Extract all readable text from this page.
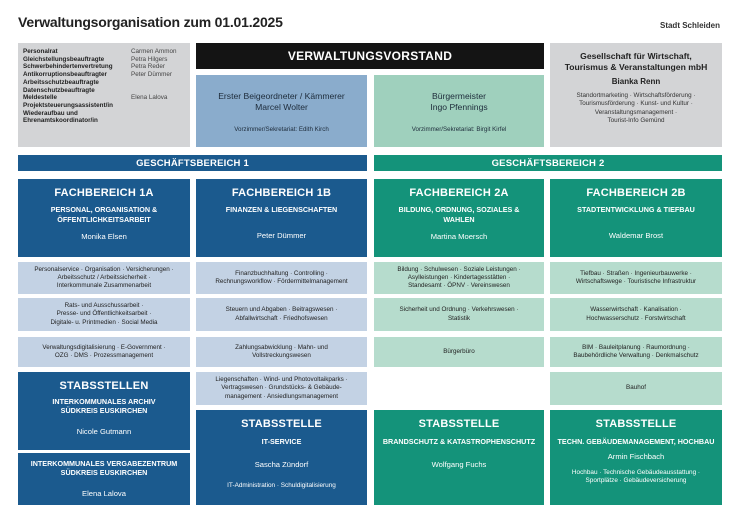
Verwaltungsorganisation zum 01.01.2025	Stadt Schleiden
Personalrat	Carmen Ammon
Gleichstellungsbeauftragte	Petra Hilgers
Schwerbehindertenvertretung	Petra Reder
Antikorruptionsbeauftragter	Peter Dümmer
Arbeitsschutzbeauftragte
Datenschutzbeauftragte
Meldestelle	Elena Lalova
Projektsteuerungsassistent/in
Wiederaufbau und
Ehrenamtskoordinator/in
VERWALTUNGSVORSTAND
Erster Beigeordneter / Kämmerer
Marcel Wolter
Vorzimmer/Sekretariat: Edith Kirch
Bürgermeister
Ingo Pfennings
Vorzimmer/Sekretariat: Birgit Kirfel
Gesellschaft für Wirtschaft,
Tourismus & Veranstaltungen mbH
Bianka Renn
Standortmarketing · Wirtschaftsförderung ·
Tourismusförderung · Kunst- und Kultur ·
Veranstaltungsmanagement ·
Tourist-Info Gemünd
GESCHÄFTSBEREICH 1	GESCHÄFTSBEREICH 2
FACHBEREICH 1A
PERSONAL, ORGANISATION &
ÖFFENTLICHKEITSARBEIT
Monika Elsen
Personalservice · Organisation · Versicherungen ·
Arbeitsschutz / Arbeitssicherheit ·
Interkommunale Zusammenarbeit
Rats- und Ausschussarbeit ·
Presse- und Öffentlichkeitsarbeit ·
Digitale- u. Printmedien · Social Media
Verwaltungsdigitalisierung · E-Government ·
OZG · DMS · Prozessmanagement
FACHBEREICH 1B
FINANZEN & LIEGENSCHAFTEN
Peter Dümmer
Finanzbuchhaltung · Controlling ·
Rechnungsworkflow · Fördermittelmanagement
Steuern und Abgaben · Beitragswesen ·
Abfallwirtschaft · Friedhofswesen
Zahlungsabwicklung · Mahn- und
Vollstreckungswesen
Liegenschaften · Wind- und Photovoltaikparks ·
Vertragswesen · Grundstücks- & Gebäude-
management · Ansiedlungsmanagement
FACHBEREICH 2A
BILDUNG, ORDNUNG, SOZIALES &
WAHLEN
Martina Moersch
Bildung · Schulwesen · Soziale Leistungen ·
Asylleistungen · Kindertagesstätten ·
Standesamt · ÖPNV · Vereinswesen
Sicherheit und Ordnung · Verkehrswesen ·
Statistik
Bürgerbüro
FACHBEREICH 2B
STADTENTWICKLUNG & TIEFBAU
Waldemar Brost
Tiefbau · Straßen · Ingenieurbauwerke ·
Wirtschaftswege · Touristische Infrastruktur
Wasserwirtschaft · Kanalisation ·
Hochwasserschutz · Forstwirtschaft
BIM · Bauleitplanung · Raumordnung ·
Baubehördliche Verwaltung · Denkmalschutz
Bauhof
STABSSTELLEN
INTERKOMMUNALES ARCHIV
SÜDKREIS EUSKIRCHEN
Nicole Gutmann
INTERKOMMUNALES VERGABEZENTRUM
SÜDKREIS EUSKIRCHEN
Elena Lalova
STABSSTELLE
IT-SERVICE
Sascha Zündorf
IT-Administration · Schuldigitalisierung
STABSSTELLE
BRANDSCHUTZ & KATASTROPHENSCHUTZ
Wolfgang Fuchs
STABSSTELLE
TECHN. GEBÄUDEMANAGEMENT, HOCHBAU
Armin Fischbach
Hochbau · Technische Gebäudeausstattung ·
Sportplätze · Gebäudeversicherung
